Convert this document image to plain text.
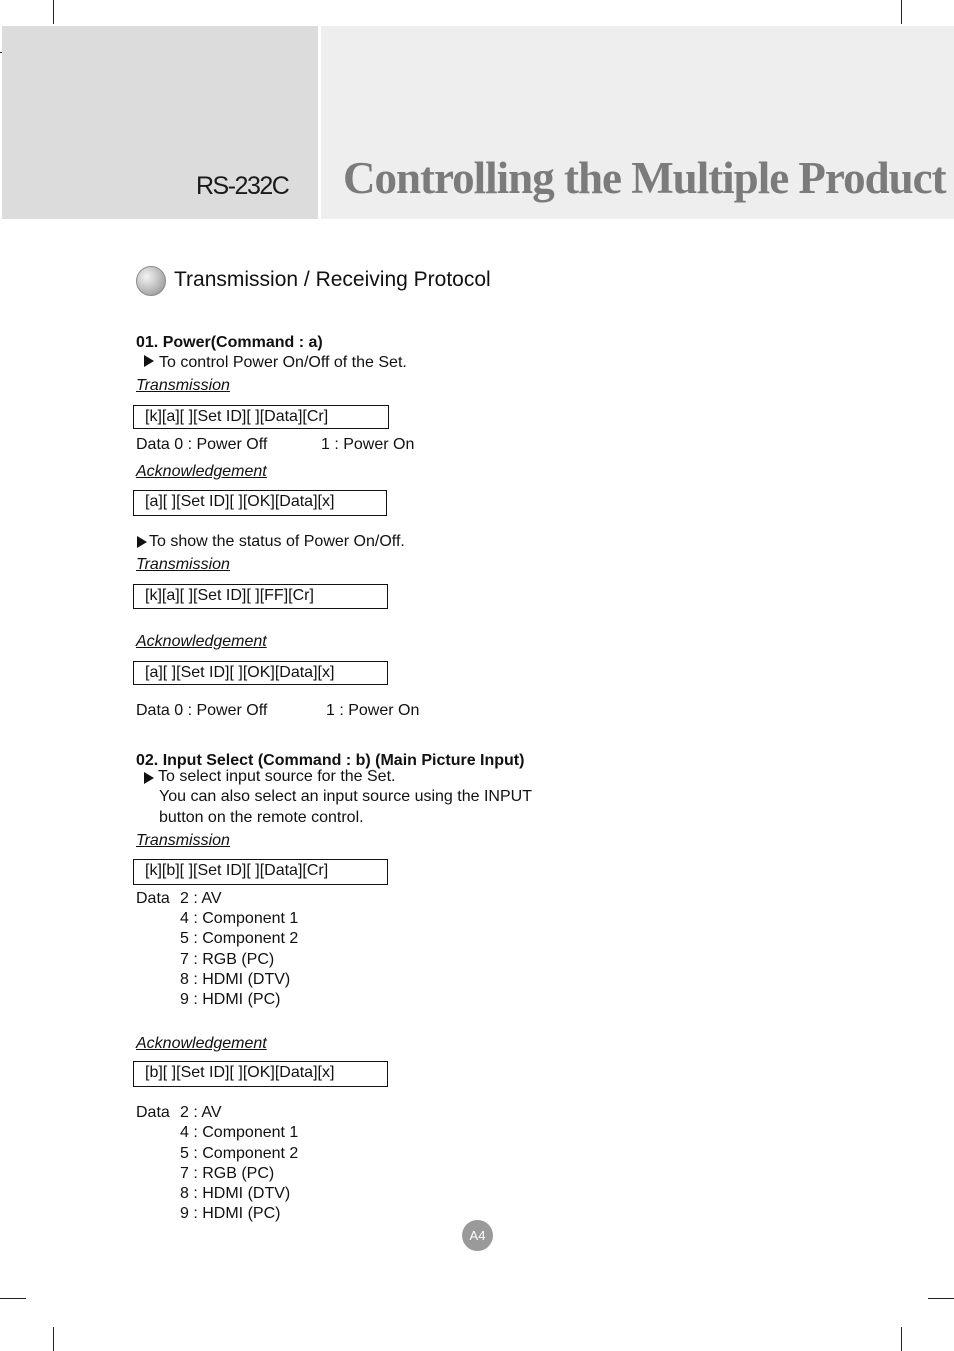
RS-232C Controlling the Multiple Product
Transmission / Receiving Protocol
01. Power(Command : a)
To control Power On/Off of the Set.
Transmission
[k][a][ ][Set ID][ ][Data][Cr]
Data 0 : Power Off	1 : Power On
Acknowledgement
[a][ ][Set ID][ ][OK][Data][x]
To show the status of Power On/Off.
Transmission
[k][a][ ][Set ID][ ][FF][Cr]
Acknowledgement
[a][ ][Set ID][ ][OK][Data][x]
Data 0 : Power Off	1 : Power On
02. Input Select (Command : b) (Main Picture Input)
To select input source for the Set.
You can also select an input source using the INPUT
button on the remote control.
Transmission
[k][b][ ][Set ID][ ][Data][Cr]
Data 2 : AV
4 : Component 1
5 : Component 2
7 : RGB (PC)
8 : HDMI (DTV)
9 : HDMI (PC)
Acknowledgement
[b][ ][Set ID][ ][OK][Data][x]
Data 2 : AV
4 : Component 1
5 : Component 2
7 : RGB (PC)
8 : HDMI (DTV)
9 : HDMI (PC)
A4
